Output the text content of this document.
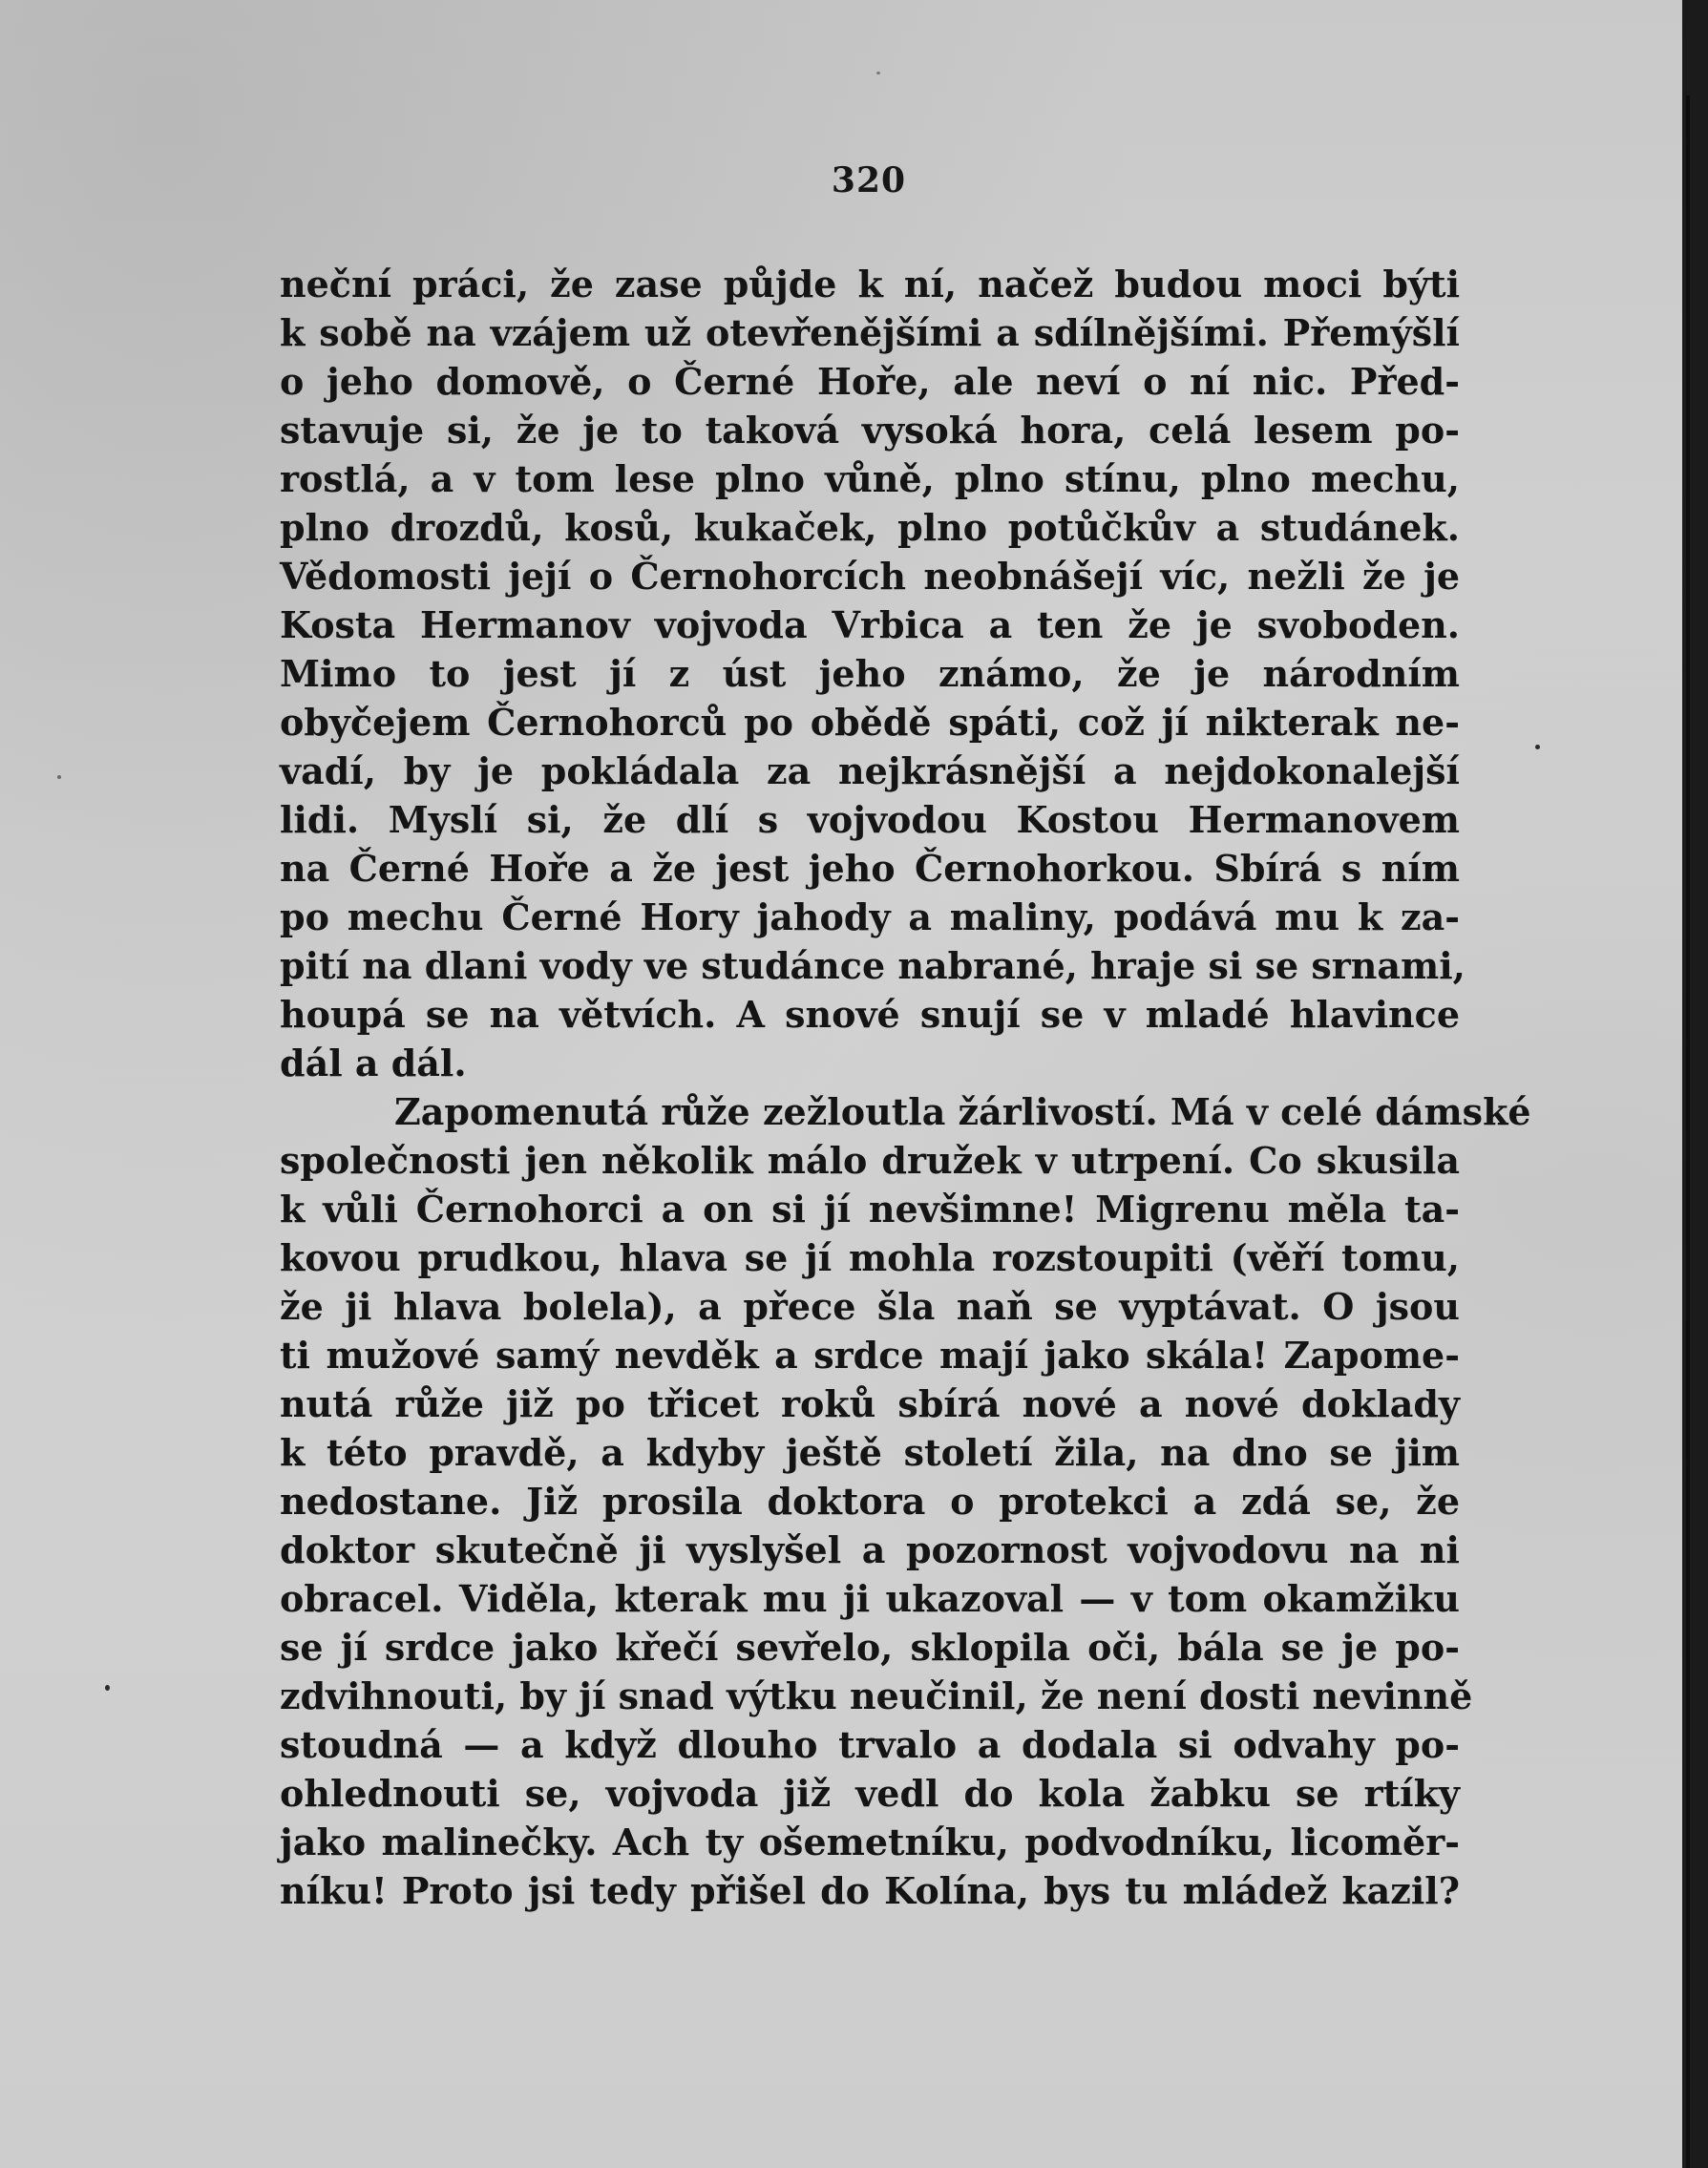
320
neční práci, že zase půjde k ní, načež budou moci býti
k sobě na vzájem už otevřenějšími a sdílnějšími. Přemýšlí
o jeho domově, o Černé Hoře, ale neví o ní nic. Před-
stavuje si, že je to taková vysoká hora, celá lesem po-
rostlá, a v tom lese plno vůně, plno stínu, plno mechu,
plno drozdů, kosů, kukaček, plno potůčkův a studánek.
Vědomosti její o Černohorcích neobnášejí víc, nežli že je
Kosta Hermanov vojvoda Vrbica a ten že je svoboden.
Mimo to jest jí z úst jeho známo, že je národním
obyčejem Černohorců po obědě spáti, což jí nikterak ne-
vadí, by je pokládala za nejkrásnější a nejdokonalejší
lidi. Myslí si, že dlí s vojvodou Kostou Hermanovem
na Černé Hoře a že jest jeho Černohorkou. Sbírá s ním
po mechu Černé Hory jahody a maliny, podává mu k za-
pití na dlani vody ve studánce nabrané, hraje si se srnami,
houpá se na větvích. A snové snují se v mladé hlavince
dál a dál.
Zapomenutá růže zežloutla žárlivostí. Má v celé dámské
společnosti jen několik málo družek v utrpení. Co skusila
k vůli Černohorci a on si jí nevšimne! Migrenu měla ta-
kovou prudkou, hlava se jí mohla rozstoupiti (věří tomu,
že ji hlava bolela), a přece šla naň se vyptávat. O jsou
ti mužové samý nevděk a srdce mají jako skála! Zapome-
nutá růže již po třicet roků sbírá nové a nové doklady
k této pravdě, a kdyby ještě století žila, na dno se jim
nedostane. Již prosila doktora o protekci a zdá se, že
doktor skutečně ji vyslyšel a pozornost vojvodovu na ni
obracel. Viděla, kterak mu ji ukazoval — v tom okamžiku
se jí srdce jako křečí sevřelo, sklopila oči, bála se je po-
zdvihnouti, by jí snad výtku neučinil, že není dosti nevinně
stoudná — a když dlouho trvalo a dodala si odvahy po-
ohlednouti se, vojvoda již vedl do kola žabku se rtíky
jako malinečky. Ach ty ošemetníku, podvodníku, licoměr-
níku! Proto jsi tedy přišel do Kolína, bys tu mládež kazil?
